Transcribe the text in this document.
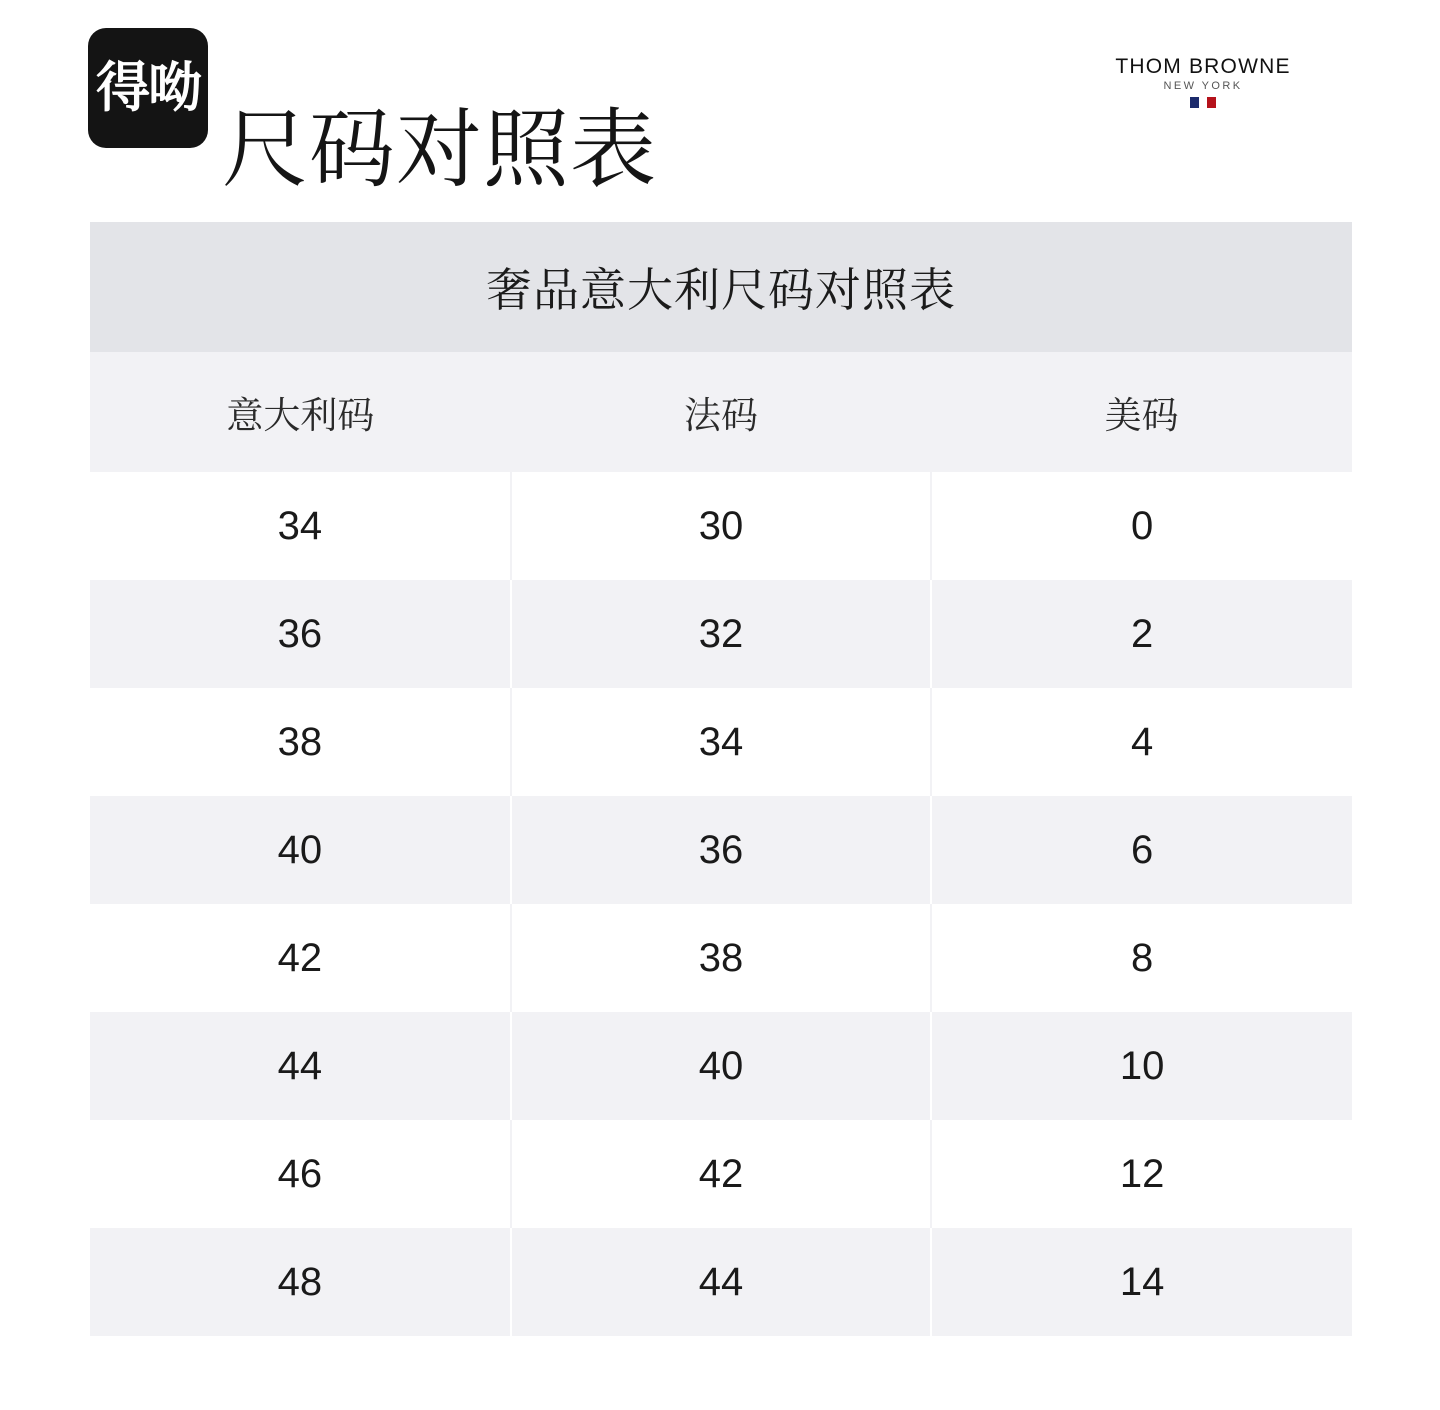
得呦
尺码对照表
THOM BROWNE
NEW YORK
奢品意大利尺码对照表
意大利码	法码	美码
34	30	0
36	32	2
38	34	4
40	36	6
42	38	8
44	40	10
46	42	12
48	44	14
